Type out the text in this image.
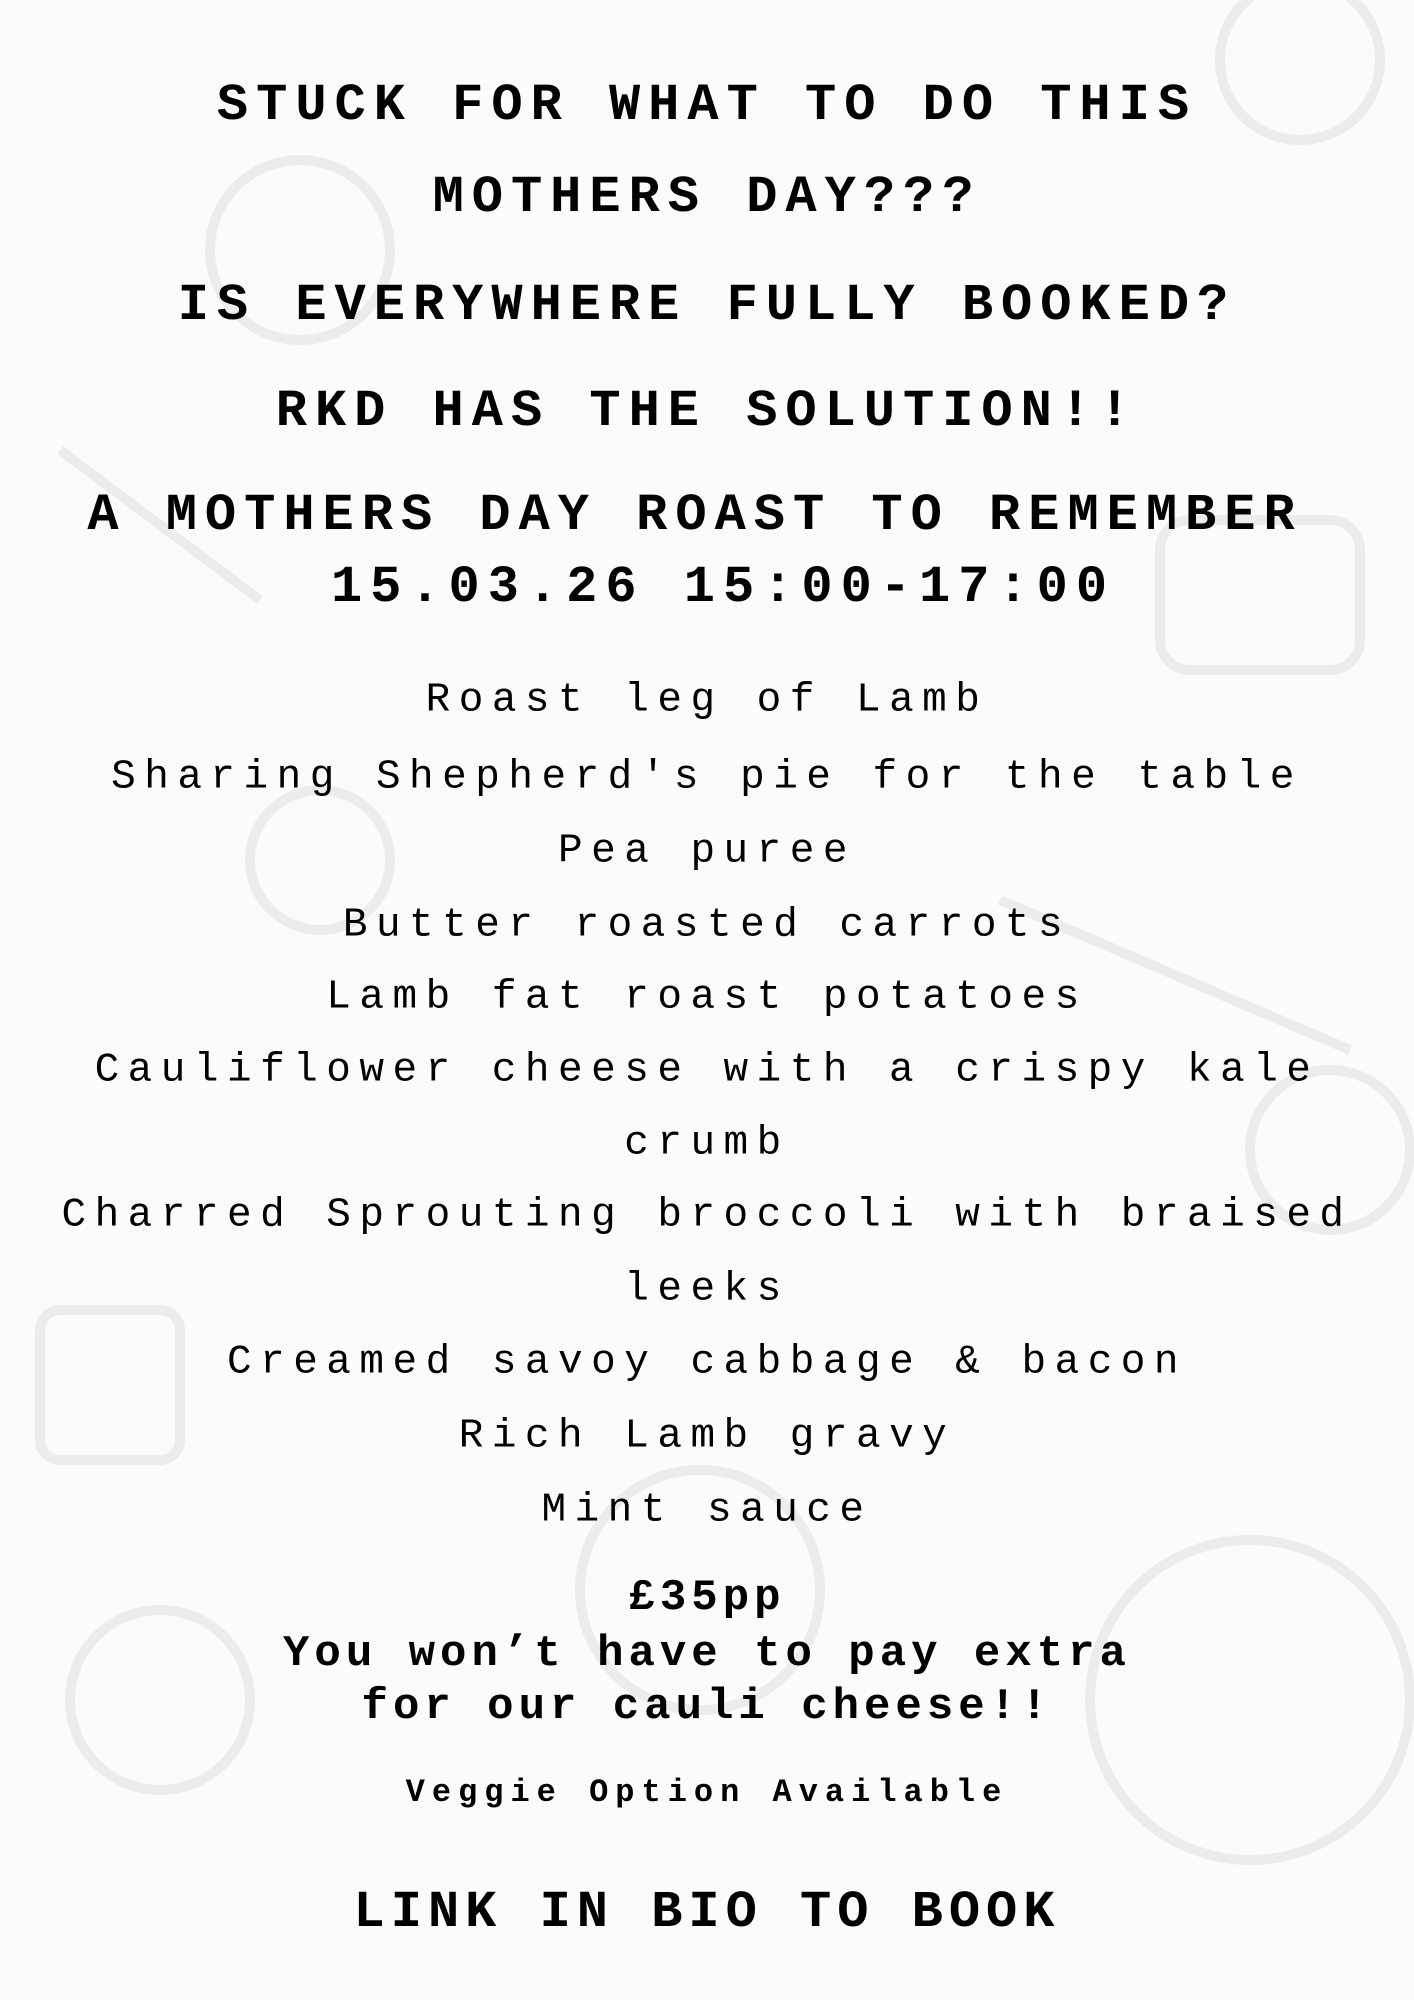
STUCK FOR WHAT TO DO THIS
MOTHERS DAY???
IS EVERYWHERE FULLY BOOKED?
RKD HAS THE SOLUTION!!
A MOTHERS DAY ROAST TO REMEMBER
15.03.26 15:00-17:00
Roast leg of Lamb
Sharing Shepherd's pie for the table
Pea puree
Butter roasted carrots
Lamb fat roast potatoes
Cauliflower cheese with a crispy kale
crumb
Charred Sprouting broccoli with braised
leeks
Creamed savoy cabbage & bacon
Rich Lamb gravy
Mint sauce
£35pp
You won’t have to pay extra
for our cauli cheese!!
Veggie Option Available
LINK IN BIO TO BOOK
